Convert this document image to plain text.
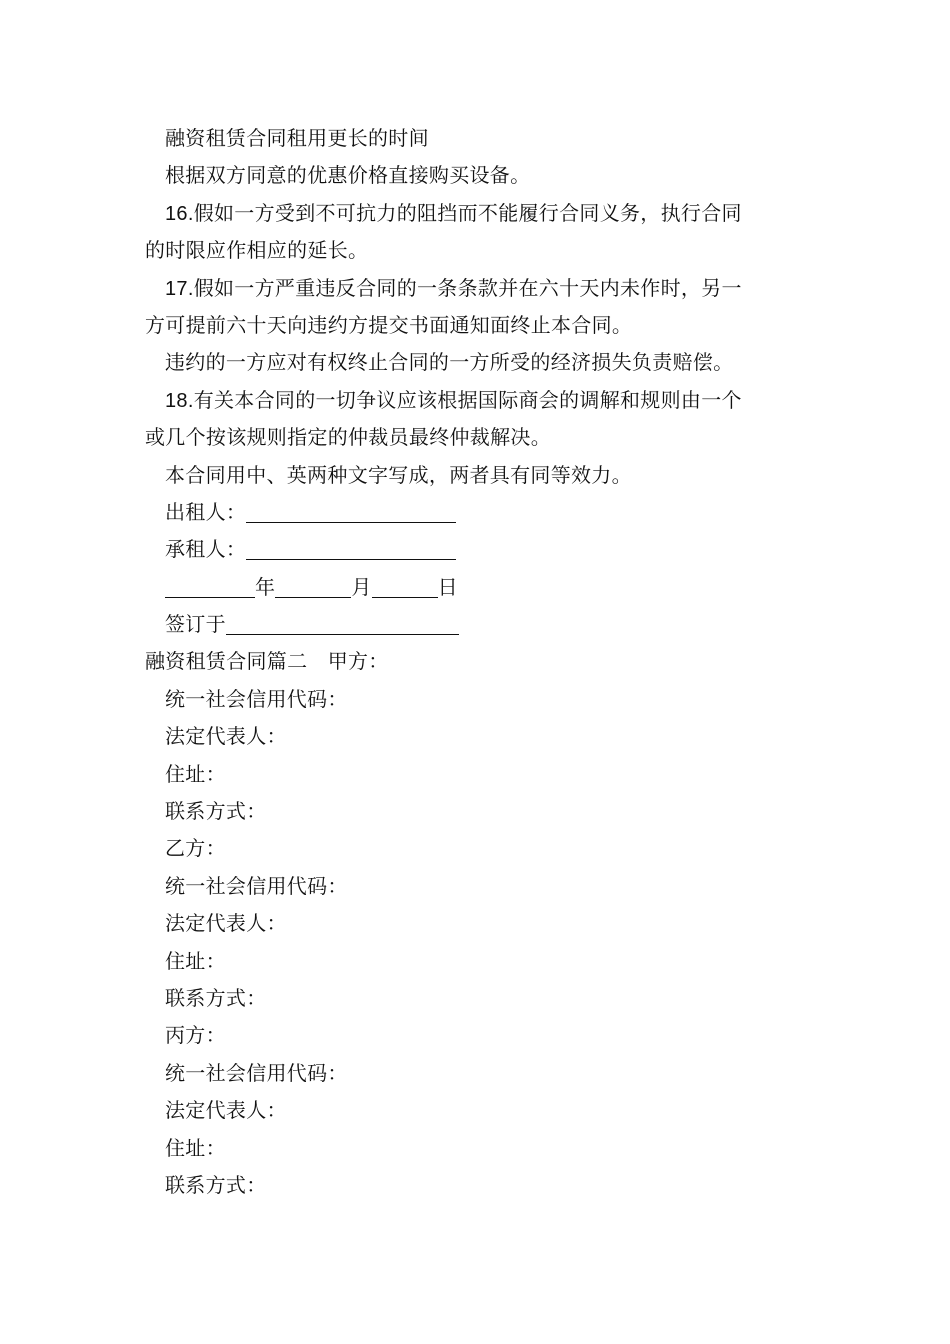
融资租赁合同租用更长的时间
根据双方同意的优惠价格直接购买设备。
16.假如一方受到不可抗力的阻挡而不能履行合同义务，执行合同
的时限应作相应的延长。
17.假如一方严重违反合同的一条条款并在六十天内未作时，另一
方可提前六十天向违约方提交书面通知面终止本合同。
违约的一方应对有权终止合同的一方所受的经济损失负责赔偿。
18.有关本合同的一切争议应该根据国际商会的调解和规则由一个
或几个按该规则指定的仲裁员最终仲裁解决。
本合同用中、英两种文字写成，两者具有同等效力。
出租人：
承租人：
年	月	日
签订于
融资租赁合同篇二　甲方：
统一社会信用代码：
法定代表人：
住址：
联系方式：
乙方：
统一社会信用代码：
法定代表人：
住址：
联系方式：
丙方：
统一社会信用代码：
法定代表人：
住址：
联系方式：
